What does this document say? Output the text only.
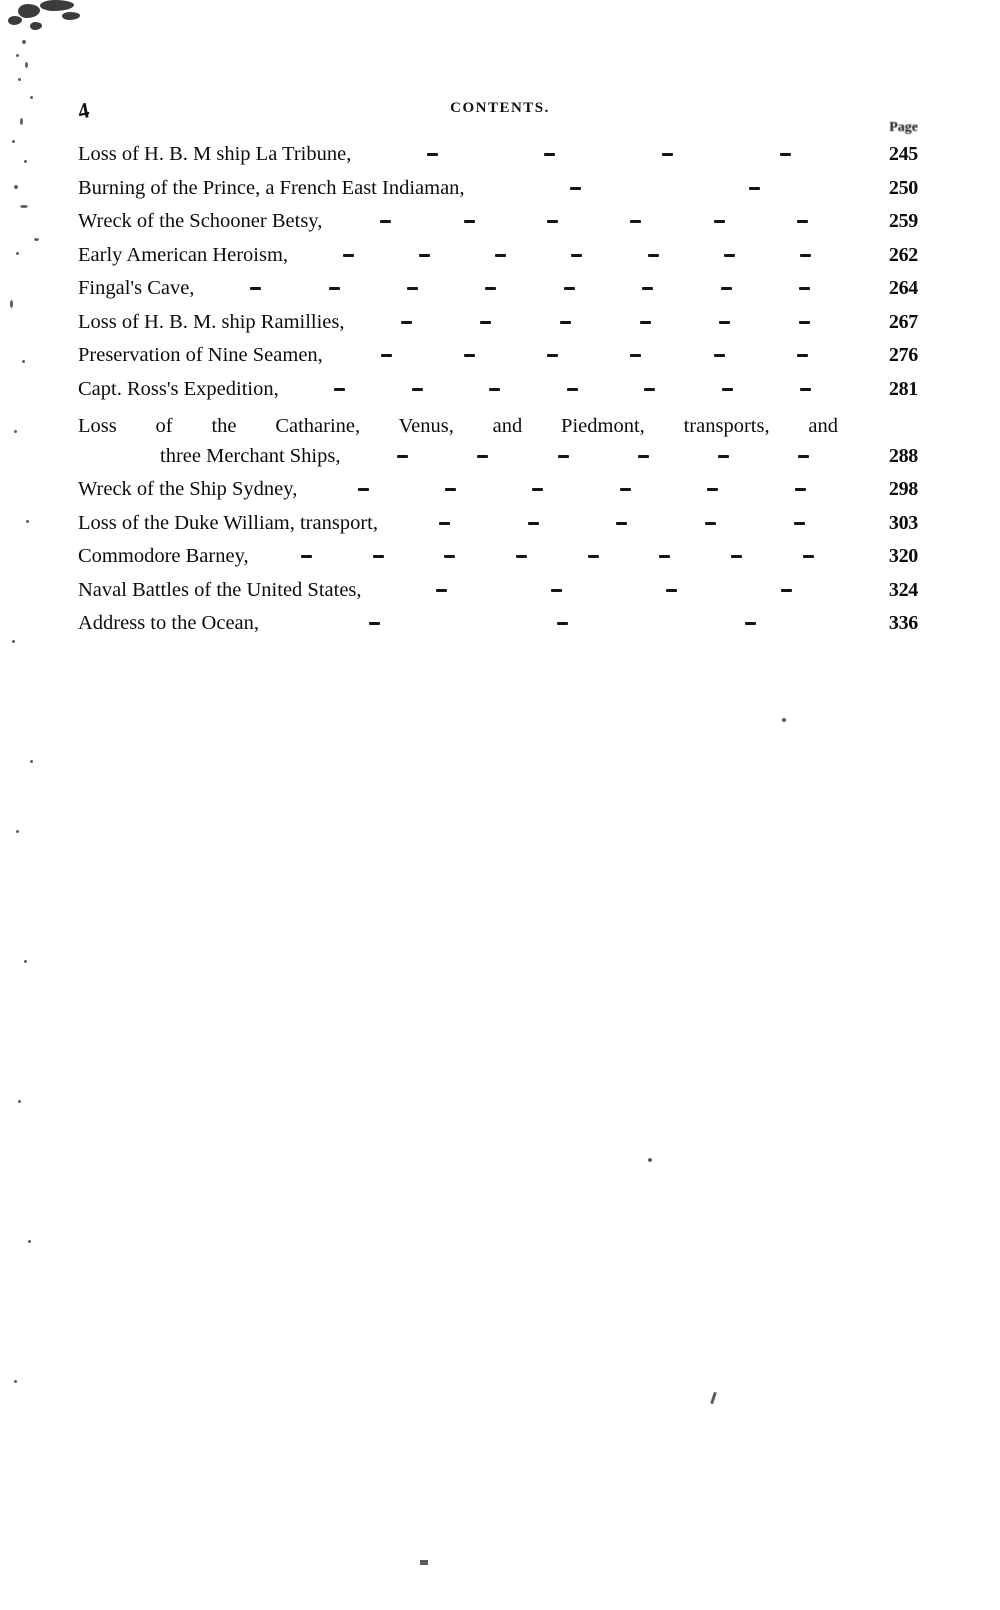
4	CONTENTS.
Page
Loss of H. B. M ship La Tribune,	245
Burning of the Prince, a French East Indiaman,	250
Wreck of the Schooner Betsy,	259
Early American Heroism,	262
Fingal's Cave,	264
Loss of H. B. M. ship Ramillies,	267
Preservation of Nine Seamen,	276
Capt. Ross's Expedition,	281
Loss of the Catharine, Venus, and Piedmont, transports, and
three Merchant Ships,	288
Wreck of the Ship Sydney,	298
Loss of the Duke William, transport,	303
Commodore Barney,	320
Naval Battles of the United States,	324
Address to the Ocean,	336
